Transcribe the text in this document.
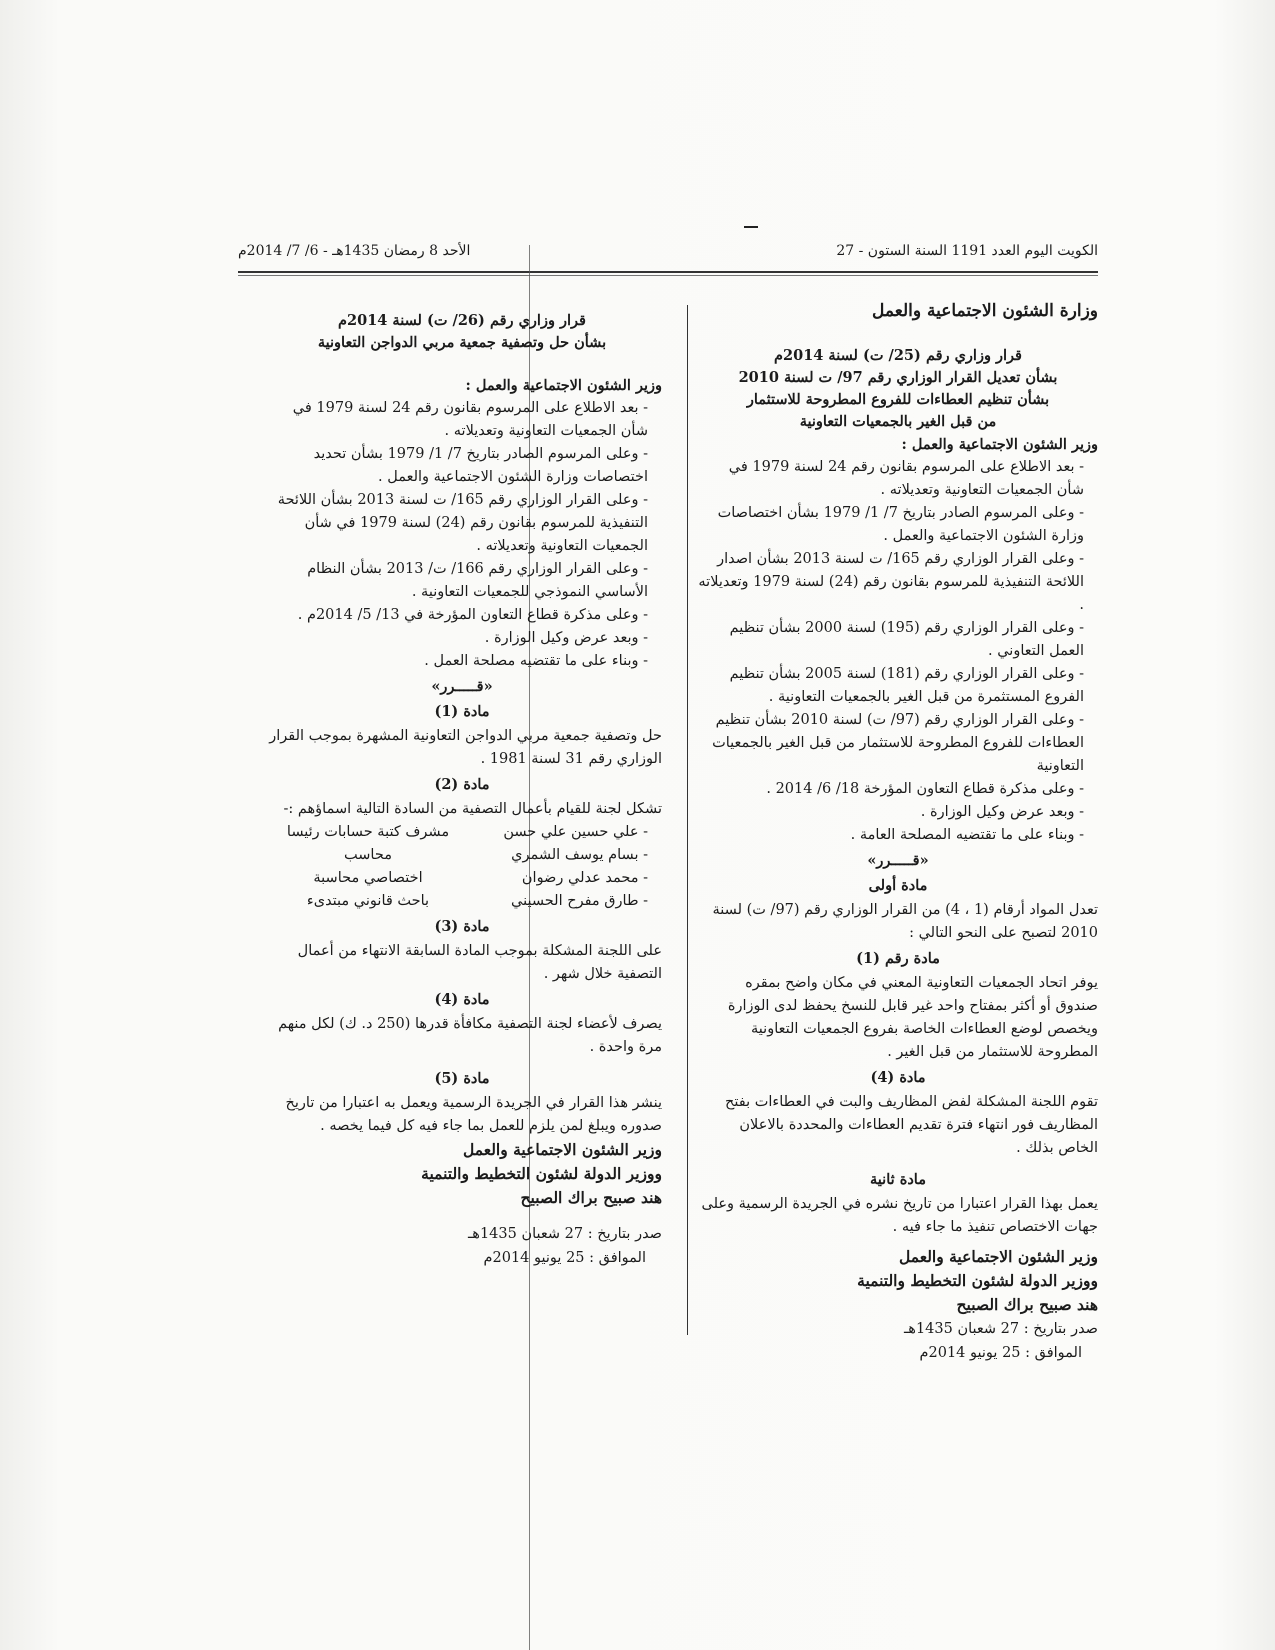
الكويت اليوم العدد 1191 السنة الستون - 27
الأحد 8 رمضان 1435هـ - 6/ 7/ 2014م
وزارة الشئون الاجتماعية والعمل
قرار وزاري رقم (25/ ت) لسنة 2014م
بشأن تعديل القرار الوزاري رقم 97/ ت لسنة 2010
بشأن تنظيم العطاءات للفروع المطروحة للاستثمار
من قبل الغير بالجمعيات التعاونية

وزير الشئون الاجتماعية والعمل :

- بعد الاطلاع على المرسوم بقانون رقم 24 لسنة 1979 في شأن الجمعيات التعاونية وتعديلاته .

- وعلى المرسوم الصادر بتاريخ 7/ 1/ 1979 بشأن اختصاصات وزارة الشئون الاجتماعية والعمل .

- وعلى القرار الوزاري رقم 165/ ت لسنة 2013 بشأن اصدار اللائحة التنفيذية للمرسوم بقانون رقم (24) لسنة 1979 وتعديلاته .

- وعلى القرار الوزاري رقم (195) لسنة 2000 بشأن تنظيم العمل التعاوني .

- وعلى القرار الوزاري رقم (181) لسنة 2005 بشأن تنظيم الفروع المستثمرة من قبل الغير بالجمعيات التعاونية .

- وعلى القرار الوزاري رقم (97/ ت) لسنة 2010 بشأن تنظيم العطاءات للفروع المطروحة للاستثمار من قبل الغير بالجمعيات التعاونية

- وعلى مذكرة قطاع التعاون المؤرخة 18/ 6/ 2014 .

- وبعد عرض وكيل الوزارة .

- وبناء على ما تقتضيه المصلحة العامة .

«قـــــرر»
مادة أولى

تعدل المواد أرقام (1 ، 4) من القرار الوزاري رقم (97/ ت) لسنة 2010 لتصبح على النحو التالي :

مادة رقم (1)

يوفر اتحاد الجمعيات التعاونية المعني في مكان واضح بمقره صندوق أو أكثر بمفتاح واحد غير قابل للنسخ يحفظ لدى الوزارة ويخصص لوضع العطاءات الخاصة بفروع الجمعيات التعاونية المطروحة للاستثمار من قبل الغير .

مادة (4)

تقوم اللجنة المشكلة لفض المظاريف والبت في العطاءات بفتح المظاريف فور انتهاء فترة تقديم العطاءات والمحددة بالاعلان الخاص بذلك .

مادة ثانية

يعمل بهذا القرار اعتبارا من تاريخ نشره في الجريدة الرسمية وعلى جهات الاختصاص تنفيذ ما جاء فيه .

وزير الشئون الاجتماعية والعمل
ووزير الدولة لشئون التخطيط والتنمية
هند صبيح براك الصبيح
صدر بتاريخ : 27 شعبان 1435هـ
الموافق : 25 يونيو 2014م
قرار وزاري رقم (26/ ت) لسنة 2014م
بشأن حل وتصفية جمعية مربي الدواجن التعاونية

وزير الشئون الاجتماعية والعمل :

- بعد الاطلاع على المرسوم بقانون رقم 24 لسنة 1979 في شأن الجمعيات التعاونية وتعديلاته .

- وعلى المرسوم الصادر بتاريخ 7/ 1/ 1979 بشأن تحديد اختصاصات وزارة الشئون الاجتماعية والعمل .

- وعلى القرار الوزاري رقم 165/ ت لسنة 2013 بشأن اللائحة التنفيذية للمرسوم بقانون رقم (24) لسنة 1979 في شأن الجمعيات التعاونية وتعديلاته .

- وعلى القرار الوزاري رقم 166/ ت/ 2013 بشأن النظام الأساسي النموذجي للجمعيات التعاونية .

- وعلى مذكرة قطاع التعاون المؤرخة في 13/ 5/ 2014م .

- وبعد عرض وكيل الوزارة .

- وبناء على ما تقتضيه مصلحة العمل .

«قـــــرر»
مادة (1)

حل وتصفية جمعية مربي الدواجن التعاونية المشهرة بموجب القرار الوزاري رقم 31 لسنة 1981 .

مادة (2)

تشكل لجنة للقيام بأعمال التصفية من السادة التالية اسماؤهم :-

- علي حسين علي حسن
مشرف كتبة حسابات رئيسا
- بسام يوسف الشمري
محاسب
- محمد عدلي رضوان
اختصاصي محاسبة
- طارق مفرح الحسيني
باحث قانوني مبتدىء
مادة (3)

على اللجنة المشكلة بموجب المادة السابقة الانتهاء من أعمال التصفية خلال شهر .

مادة (4)

يصرف لأعضاء لجنة التصفية مكافأة قدرها (250 د. ك) لكل منهم مرة واحدة .

مادة (5)

ينشر هذا القرار في الجريدة الرسمية ويعمل به اعتبارا من تاريخ صدوره ويبلغ لمن يلزم للعمل بما جاء فيه كل فيما يخصه .

وزير الشئون الاجتماعية والعمل
ووزير الدولة لشئون التخطيط والتنمية
هند صبيح براك الصبيح
صدر بتاريخ : 27 شعبان 1435هـ
الموافق : 25 يونيو 2014م
